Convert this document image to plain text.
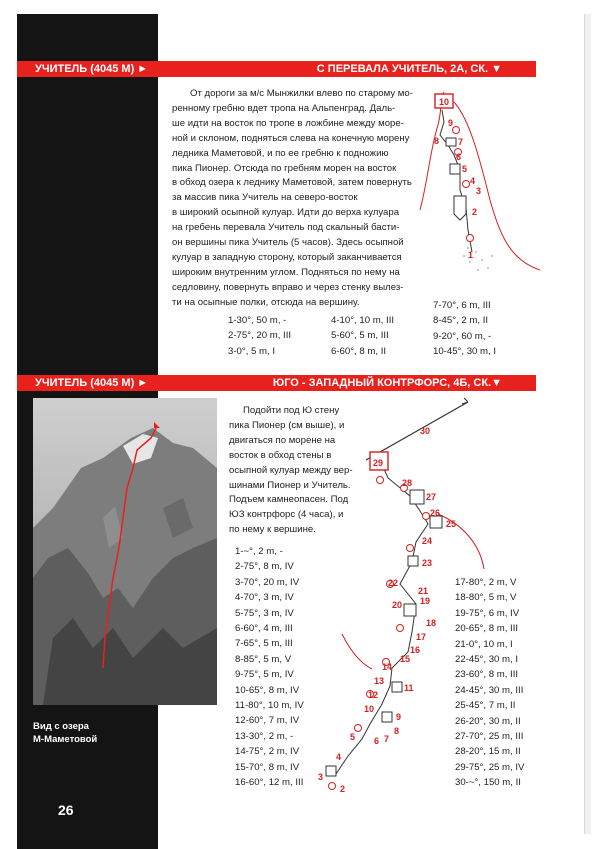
УЧИТЕЛЬ (4045 М) ►	С ПЕРЕВАЛА УЧИТЕЛЬ, 2А, СК. ▼
От дороги за м/с Мынжилки влево по старому мо-
ренному гребню вдет тропа на Альпенград. Даль-
ше идти на восток по тропе в ложбине между море-
ной и склоном, подняться слева на конечную морену
ледника Маметовой, и по ее гребню к подножию
пика Пионер. Отсюда по гребням морен на восток
в обход озера к леднику Маметовой, затем повернуть
за массив пика Учитель на северо-восток
в широкий осыпной кулуар. Идти до верха кулуара
на гребень перевала Учитель под скальный басти-
он вершины пика Учитель (5 часов). Здесь осыпной
кулуар в западную сторону, который заканчивается
широким внутренним углом. Подняться по нему на
седловину, повернуть вправо и через стенку вылез-
ти на осыпные полки, отсюда на вершину.
1-30°, 50 m, -
2-75°, 20 m, III
3-0°, 5 m, I
4-10°, 10 m, III
5-60°, 5 m, III
6-60°, 8 m, II
7-70°, 6 m, III
8-45°, 2 m, II
9-20°, 60 m, -
10-45°, 30 m, I
10
9
8 7
6
5
4
3
2
1
УЧИТЕЛЬ (4045 М) ►	ЮГО - ЗАПАДНЫЙ КОНТРФОРС, 4Б, СК.▼
Вид с озера
М-Маметовой
Подойти под Ю стену
пика Пионер (см выше), и
двигаться по морене на
восток в обход стены в
осыпной кулуар между вер-
шинами Пионер и Учитель.
Подъем камнеопасен. Под
ЮЗ контрфорс (4 часа), и
по нему к вершине.
1-~°, 2 m, -
2-75°, 8 m, IV
3-70°, 20 m, IV
4-70°, 3 m, IV
5-75°, 3 m, IV
6-60°, 4 m, III
7-65°, 5 m, III
8-85°, 5 m, V
9-75°, 5 m, IV
10-65°, 8 m, IV
11-80°, 10 m, IV
12-60°, 7 m, IV
13-30°, 2 m, -
14-75°, 2 m, IV
15-70°, 8 m, IV
16-60°, 12 m, III
17-80°, 2 m, V
18-80°, 5 m, V
19-75°, 6 m, IV
20-65°, 8 m, III
21-0°, 10 m, I
22-45°, 30 m, I
23-60°, 8 m, III
24-45°, 30 m, III
25-45°, 7 m, II
26-20°, 30 m, II
27-70°, 25 m, III
28-20°, 15 m, II
29-75°, 25 m, IV
30-~°, 150 m, II
30
29
28
27
26
25
24
23
22
21
20 19
18
17
16
15
14
13
12
11
10
9
8
7
6
5
4
3
2
26
